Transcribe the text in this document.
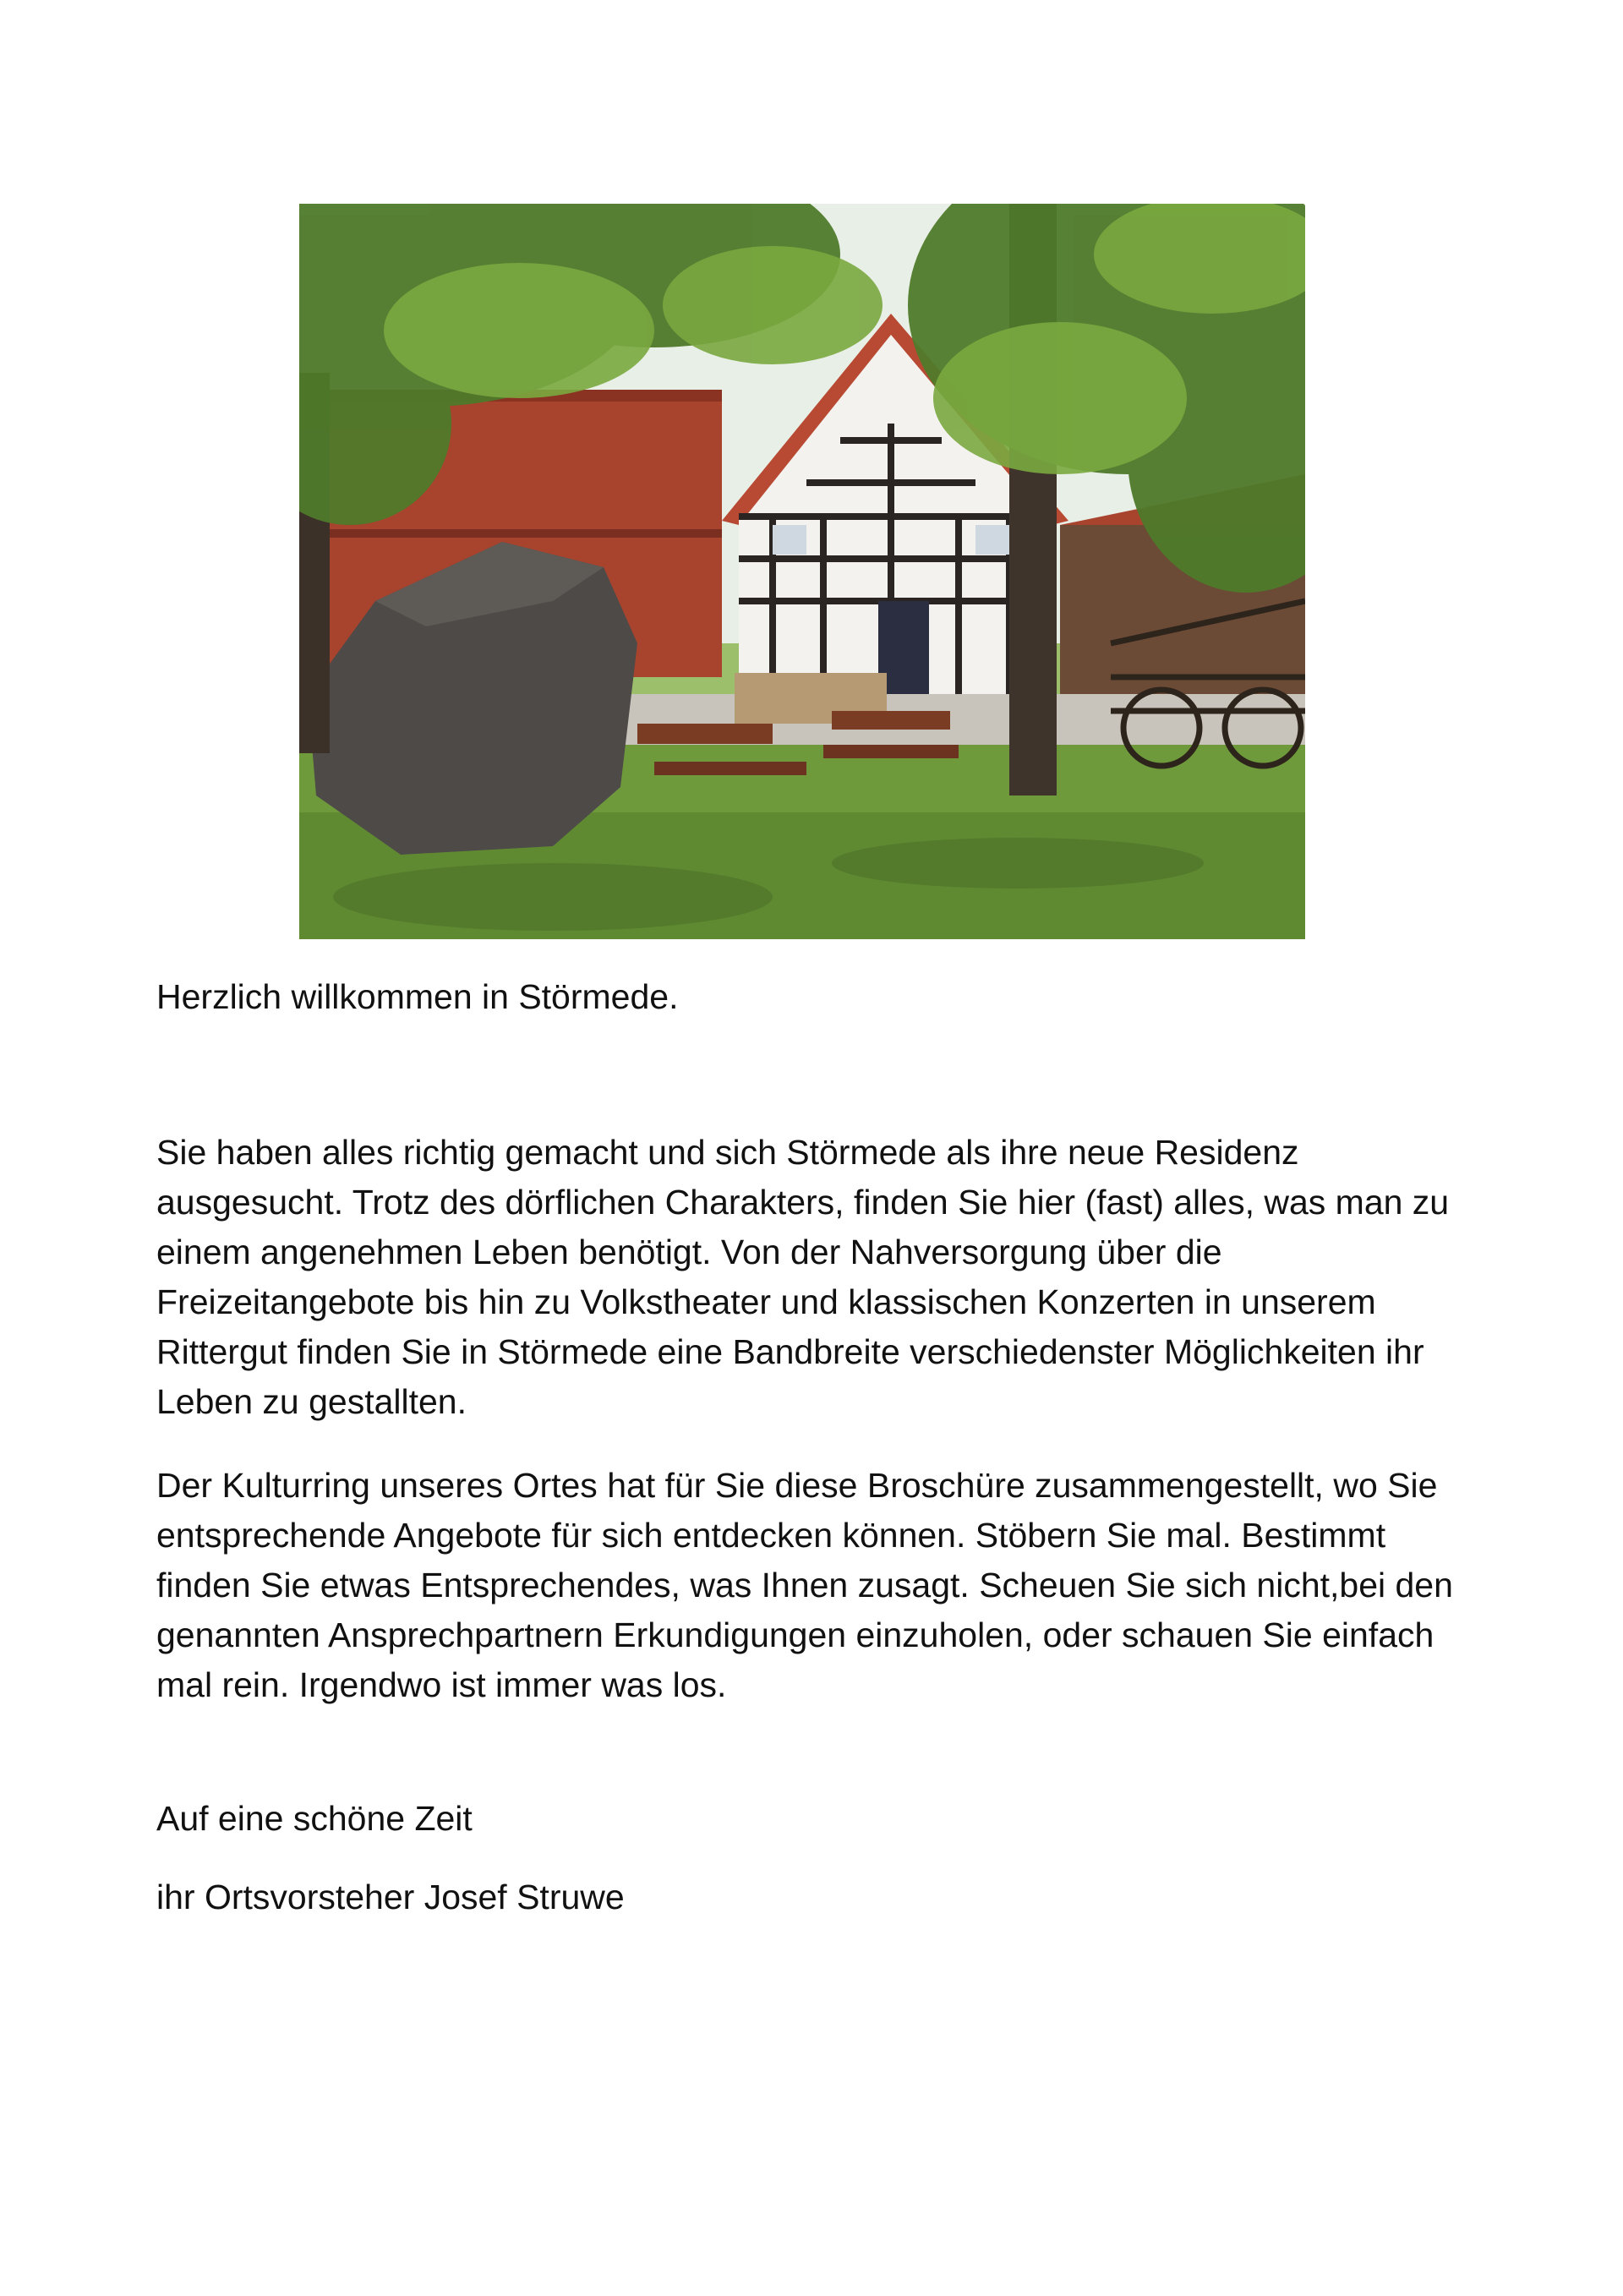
Herzlich willkommen in Störmede.

Sie haben alles richtig gemacht und sich Störmede als ihre neue Residenz ausgesucht. Trotz des dörflichen Charakters, finden Sie hier (fast) alles, was man zu einem angenehmen Leben benötigt. Von der Nahversorgung über die Freizeitangebote bis hin zu Volkstheater und klassischen Konzerten in unserem Rittergut finden Sie in Störmede eine Bandbreite verschiedenster Möglichkeiten ihr Leben zu gestallten.

Der Kulturring unseres Ortes hat für Sie diese Broschüre zusammengestellt, wo Sie entsprechende Angebote für sich entdecken können. Stöbern Sie mal. Bestimmt finden Sie etwas Entsprechendes, was Ihnen zusagt. Scheuen Sie sich nicht,bei den genannten Ansprechpartnern Erkundigungen einzuholen, oder schauen Sie einfach mal rein. Irgendwo ist immer was los.

Auf eine schöne Zeit

ihr Ortsvorsteher Josef Struwe
